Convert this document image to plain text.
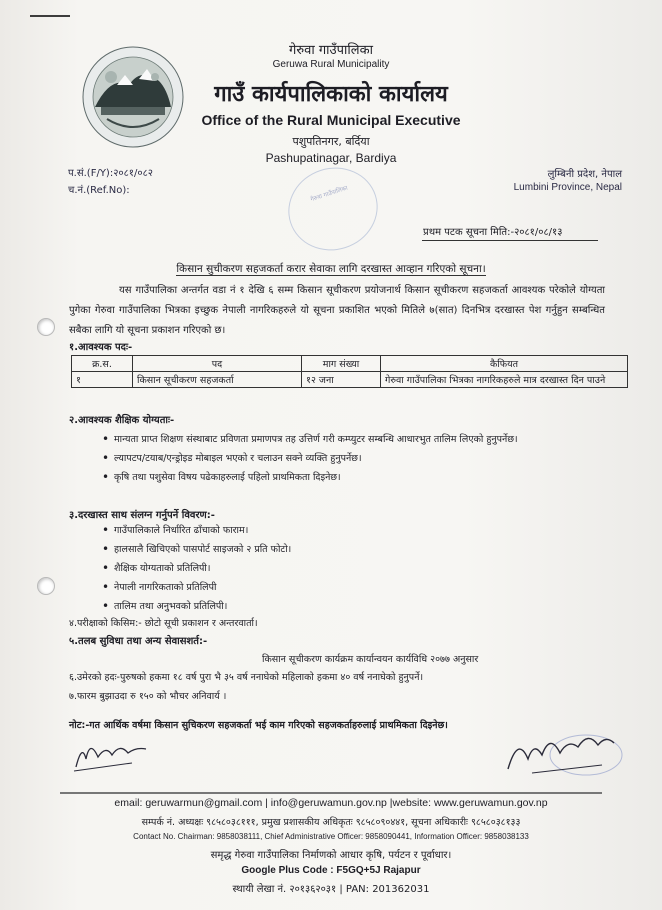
गेरुवा गाउँपालिका
Geruwa Rural Municipality
गाउँ कार्यपालिकाको कार्यालय
Office of the Rural Municipal Executive
पशुपतिनगर, बर्दिया
Pashupatinagar, Bardiya
प.सं.(F/Y):२०८१/०८२
च.नं.(Ref.No):
लुम्बिनी प्रदेश, नेपाल
Lumbini Province, Nepal
गेरुवा गाउँपालिका
प्रथम पटक सूचना मिति:-२०८१/०८/१३
किसान सुचीकरण सहजकर्ता करार सेवाका लागि दरखास्त आव्हान गरिएको सूचना।
यस गाउँपालिका अन्तर्गत वडा नं १ देखि ६ सम्म किसान सूचीकरण प्रयोजनार्थ किसान सूचीकरण सहजकर्ता आवश्यक परेकोले योग्यता पुगेका गेरुवा गाउँपालिका भित्रका इच्छुक नेपाली नागरिकहरुले यो सूचना प्रकाशित भएको मितिले ७(सात) दिनभित्र दरखास्त पेश गर्नुहुन सम्बन्धित सबैका लागि यो सूचना प्रकाशन गरिएको छ।
१.आवश्यक पदः-
क्र.स.	पद	माग संख्या	कैफियत
१	किसान सूचीकरण सहजकर्ता	१२ जना	गेरुवा गाउँपालिका भित्रका नागरिकहरुले मात्र दरखास्त दिन पाउने
२.आवश्यक शैक्षिक योग्यताः-
• मान्यता प्राप्त शिक्षण संस्थाबाट प्रविणता प्रमाणपत्र तह उत्तिर्ण गरी कम्प्युटर सम्बन्धि आधारभुत तालिम लिएको हुनुपर्नेछ।
• ल्यापटप/टयाब/एन्ड्रोइड मोबाइल भएको र चलाउन सक्ने व्यक्ति हुनुपर्नेछ।
• कृषि तथा पशुसेवा विषय पढेकाहरुलाई पहिलो प्राथमिकता दिइनेछ।
३.दरखास्त साथ संलग्न गर्नुपर्ने विवरण:-
• गाउँपालिकाले निर्धारित ढाँचाको फाराम।
• हालसालै खिचिएको पासपोर्ट साइजको २ प्रति फोटो।
• शैक्षिक योग्यताको प्रतिलिपी।
• नेपाली नागरिकताको प्रतिलिपी
• तालिम तथा अनुभवको प्रतिलिपी।
४.परीक्षाको किसिम:- छोटो सूची प्रकाशन र अन्तरवार्ता।
५.तलब सुविधा तथा अन्य सेवासशर्त:-
किसान सूचीकरण कार्यक्रम कार्यान्वयन कार्यविधि २०७७ अनुसार
६.उमेरको हदः-पुरुषको हकमा १८ वर्ष पुरा भै ३५ वर्ष ननाघेको महिलाको हकमा ४० वर्ष ननाघेको हुनुपर्ने।
७.फारम बुझाउदा रु १५० को भौचर अनिवार्य ।
नोट:-गत आर्थिक वर्षमा किसान सुचिकरण सहजकर्ता भई काम गरिएको सहजकर्ताहरुलाई प्राथमिकता दिइनेछ।
email: geruwarmun@gmail.com | info@geruwamun.gov.np |website: www.geruwamun.gov.np
सम्पर्क नं. अध्यक्षः ९८५८०३८१११, प्रमुख प्रशासकीय अधिकृतः ९८५८०९०४४१, सूचना अधिकारीः ९८५८०३८१३३
Contact No. Chairman: 9858038111, Chief Administrative Officer: 9858090441, Information Officer: 9858038133
समृद्ध गेरुवा गाउँपालिका निर्माणको आधार कृषि, पर्यटन र पूर्वाधार।
Google Plus Code : F5GQ+5J Rajapur
स्थायी लेखा नं. २०१३६२०३१ | PAN: 201362031
